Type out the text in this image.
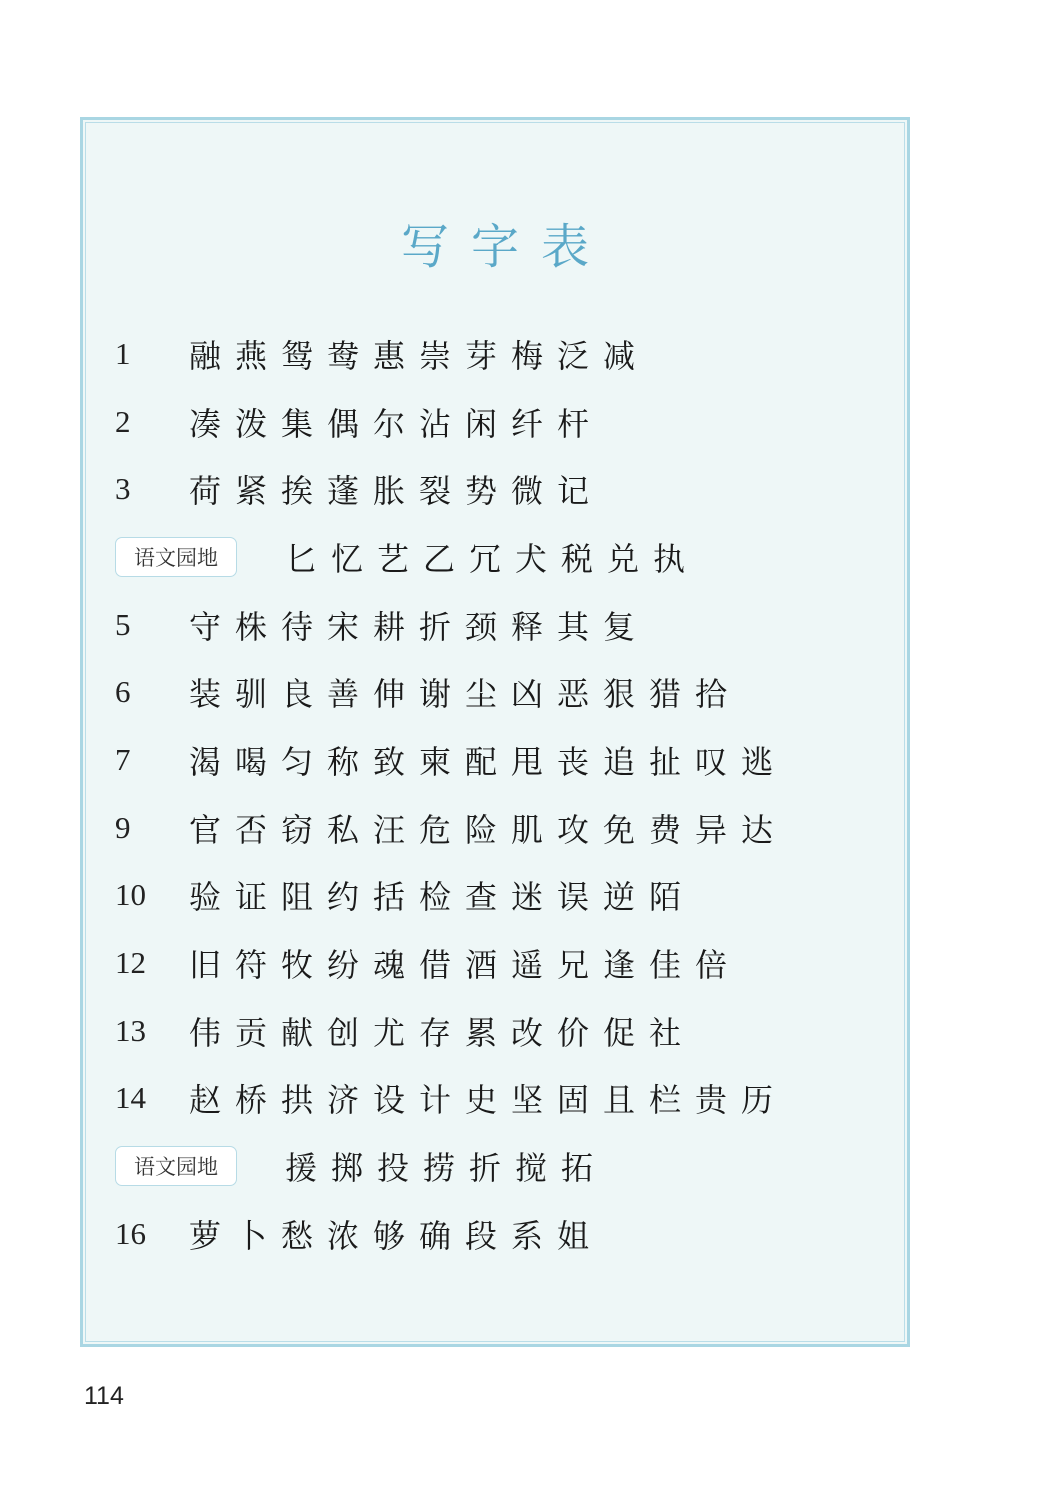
写字表
1	融燕鸳鸯惠崇芽梅泛减
2	凑泼集偶尔沾闲纤杆
3	荷紧挨蓬胀裂势微记
语文园地	匕忆艺乙冗犬税兑执
5	守株待宋耕折颈释其复
6	装驯良善伸谢尘凶恶狠猎拾
7	渴喝匀称致柬配甩丧追扯叹逃
9	官否窃私汪危险肌攻免费异达
10	验证阻约括检查迷误逆陌
12	旧符牧纷魂借酒遥兄逢佳倍
13	伟贡献创尤存累改价促社
14	赵桥拱济设计史坚固且栏贵历
语文园地	援掷投捞折搅拓
16	萝卜愁浓够确段系姐
114
